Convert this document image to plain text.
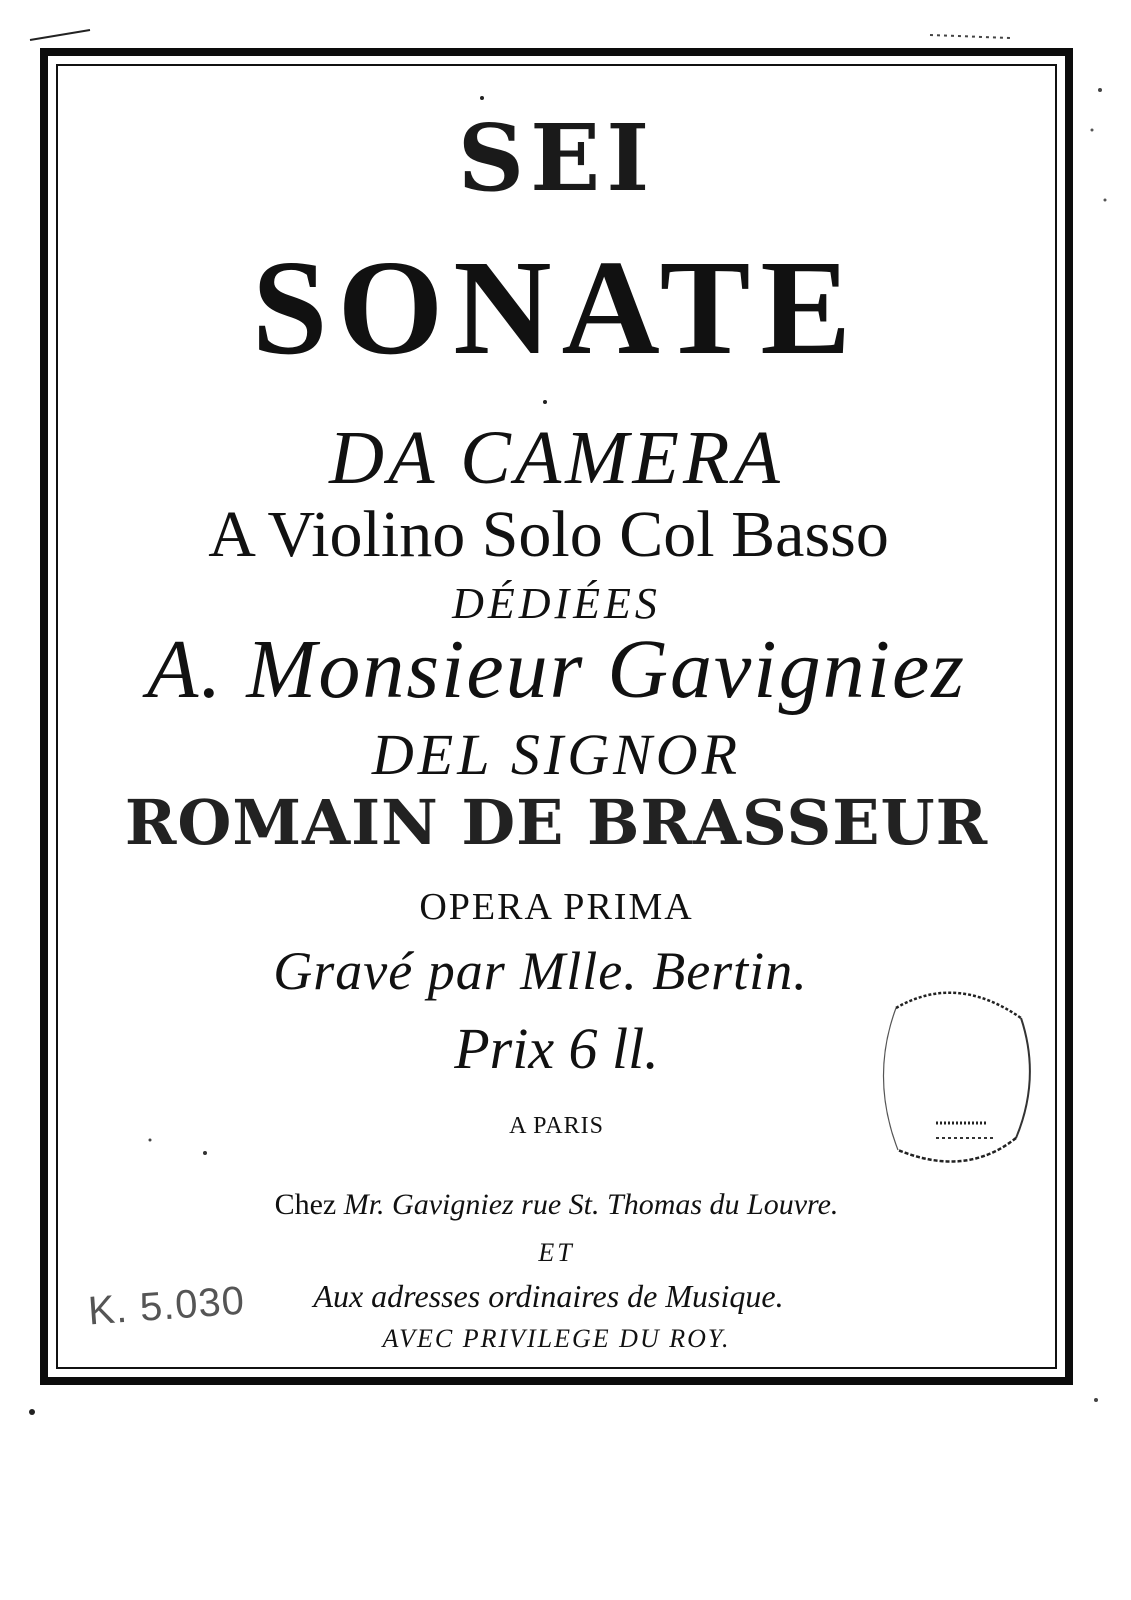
SEI
SONATE
DA CAMERA
A Violino Solo Col Basso
DÉDIÉES
A. Monsieur Gavigniez
DEL SIGNOR
ROMAIN DE BRASSEUR
OPERA PRIMA
Gravé par Mlle. Bertin.
Prix 6 ll.
A PARIS
Chez Mr. Gavigniez rue St. Thomas du Louvre.
ET
Aux adresses ordinaires de Musique.
AVEC PRIVILEGE DU ROY.
K. 5.030
